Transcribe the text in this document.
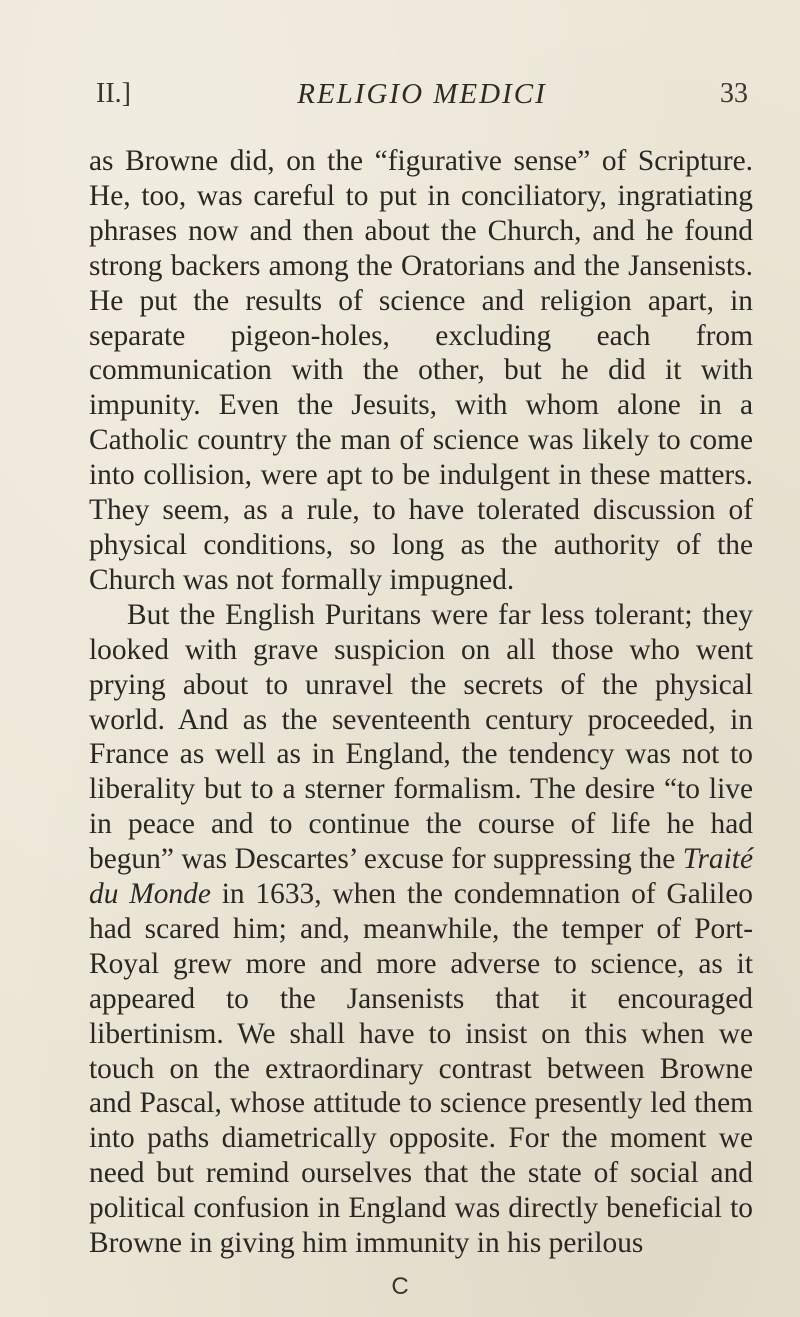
II.]	RELIGIO MEDICI	33

as Browne did, on the “figurative sense” of Scripture. He, too, was careful to put in conciliatory, ingratiating phrases now and then about the Church, and he found strong backers among the Oratorians and the Jansenists. He put the results of science and religion apart, in separate pigeon-holes, excluding each from communication with the other, but he did it with impunity. Even the Jesuits, with whom alone in a Catholic country the man of science was likely to come into collision, were apt to be indulgent in these matters. They seem, as a rule, to have tolerated discussion of physical conditions, so long as the authority of the Church was not formally impugned.

But the English Puritans were far less tolerant; they looked with grave suspicion on all those who went prying about to unravel the secrets of the physical world. And as the seventeenth century proceeded, in France as well as in England, the tendency was not to liberality but to a sterner formalism. The desire “to live in peace and to continue the course of life he had begun” was Descartes’ excuse for suppressing the Traité du Monde in 1633, when the condemnation of Galileo had scared him; and, meanwhile, the temper of Port-Royal grew more and more adverse to science, as it appeared to the Jansenists that it encouraged libertinism. We shall have to insist on this when we touch on the extraordinary contrast between Browne and Pascal, whose attitude to science presently led them into paths diametrically opposite. For the moment we need but remind ourselves that the state of social and political confusion in England was directly beneficial to Browne in giving him immunity in his perilous

C
